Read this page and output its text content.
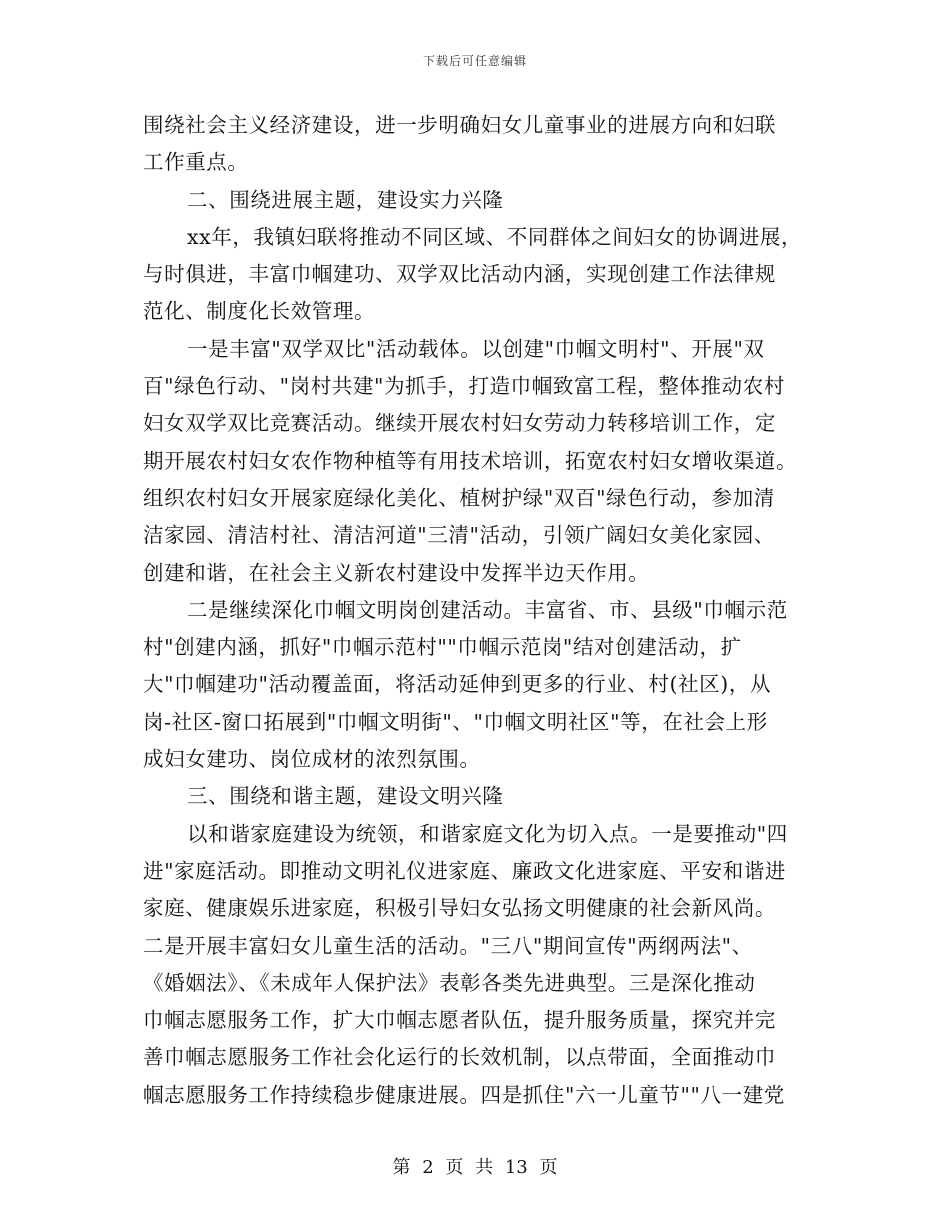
下载后可任意编辑
围绕社会主义经济建设，进一步明确妇女儿童事业的进展方向和妇联
工作重点。
二、围绕进展主题，建设实力兴隆
xx年，我镇妇联将推动不同区域、不同群体之间妇女的协调进展，
与时俱进，丰富巾帼建功、双学双比活动内涵，实现创建工作法律规
范化、制度化长效管理。
一是丰富"双学双比"活动载体。以创建"巾帼文明村"、开展"双
百"绿色行动、"岗村共建"为抓手，打造巾帼致富工程，整体推动农村
妇女双学双比竞赛活动。继续开展农村妇女劳动力转移培训工作，定
期开展农村妇女农作物种植等有用技术培训，拓宽农村妇女增收渠道。
组织农村妇女开展家庭绿化美化、植树护绿"双百"绿色行动，参加清
洁家园、清洁村社、清洁河道"三清"活动，引领广阔妇女美化家园、
创建和谐，在社会主义新农村建设中发挥半边天作用。
二是继续深化巾帼文明岗创建活动。丰富省、市、县级"巾帼示范
村"创建内涵，抓好"巾帼示范村""巾帼示范岗"结对创建活动，扩
大"巾帼建功"活动覆盖面，将活动延伸到更多的行业、村(社区)，从
岗-社区-窗口拓展到"巾帼文明街"、"巾帼文明社区"等，在社会上形
成妇女建功、岗位成材的浓烈氛围。
三、围绕和谐主题，建设文明兴隆
以和谐家庭建设为统领，和谐家庭文化为切入点。一是要推动"四
进"家庭活动。即推动文明礼仪进家庭、廉政文化进家庭、平安和谐进
家庭、健康娱乐进家庭，积极引导妇女弘扬文明健康的社会新风尚。
二是开展丰富妇女儿童生活的活动。"三八"期间宣传"两纲两法"、
《婚姻法》、《未成年人保护法》表彰各类先进典型。三是深化推动
巾帼志愿服务工作，扩大巾帼志愿者队伍，提升服务质量，探究并完
善巾帼志愿服务工作社会化运行的长效机制，以点带面，全面推动巾
帼志愿服务工作持续稳步健康进展。四是抓住"六一儿童节""八一建党
第 2 页 共 13 页
